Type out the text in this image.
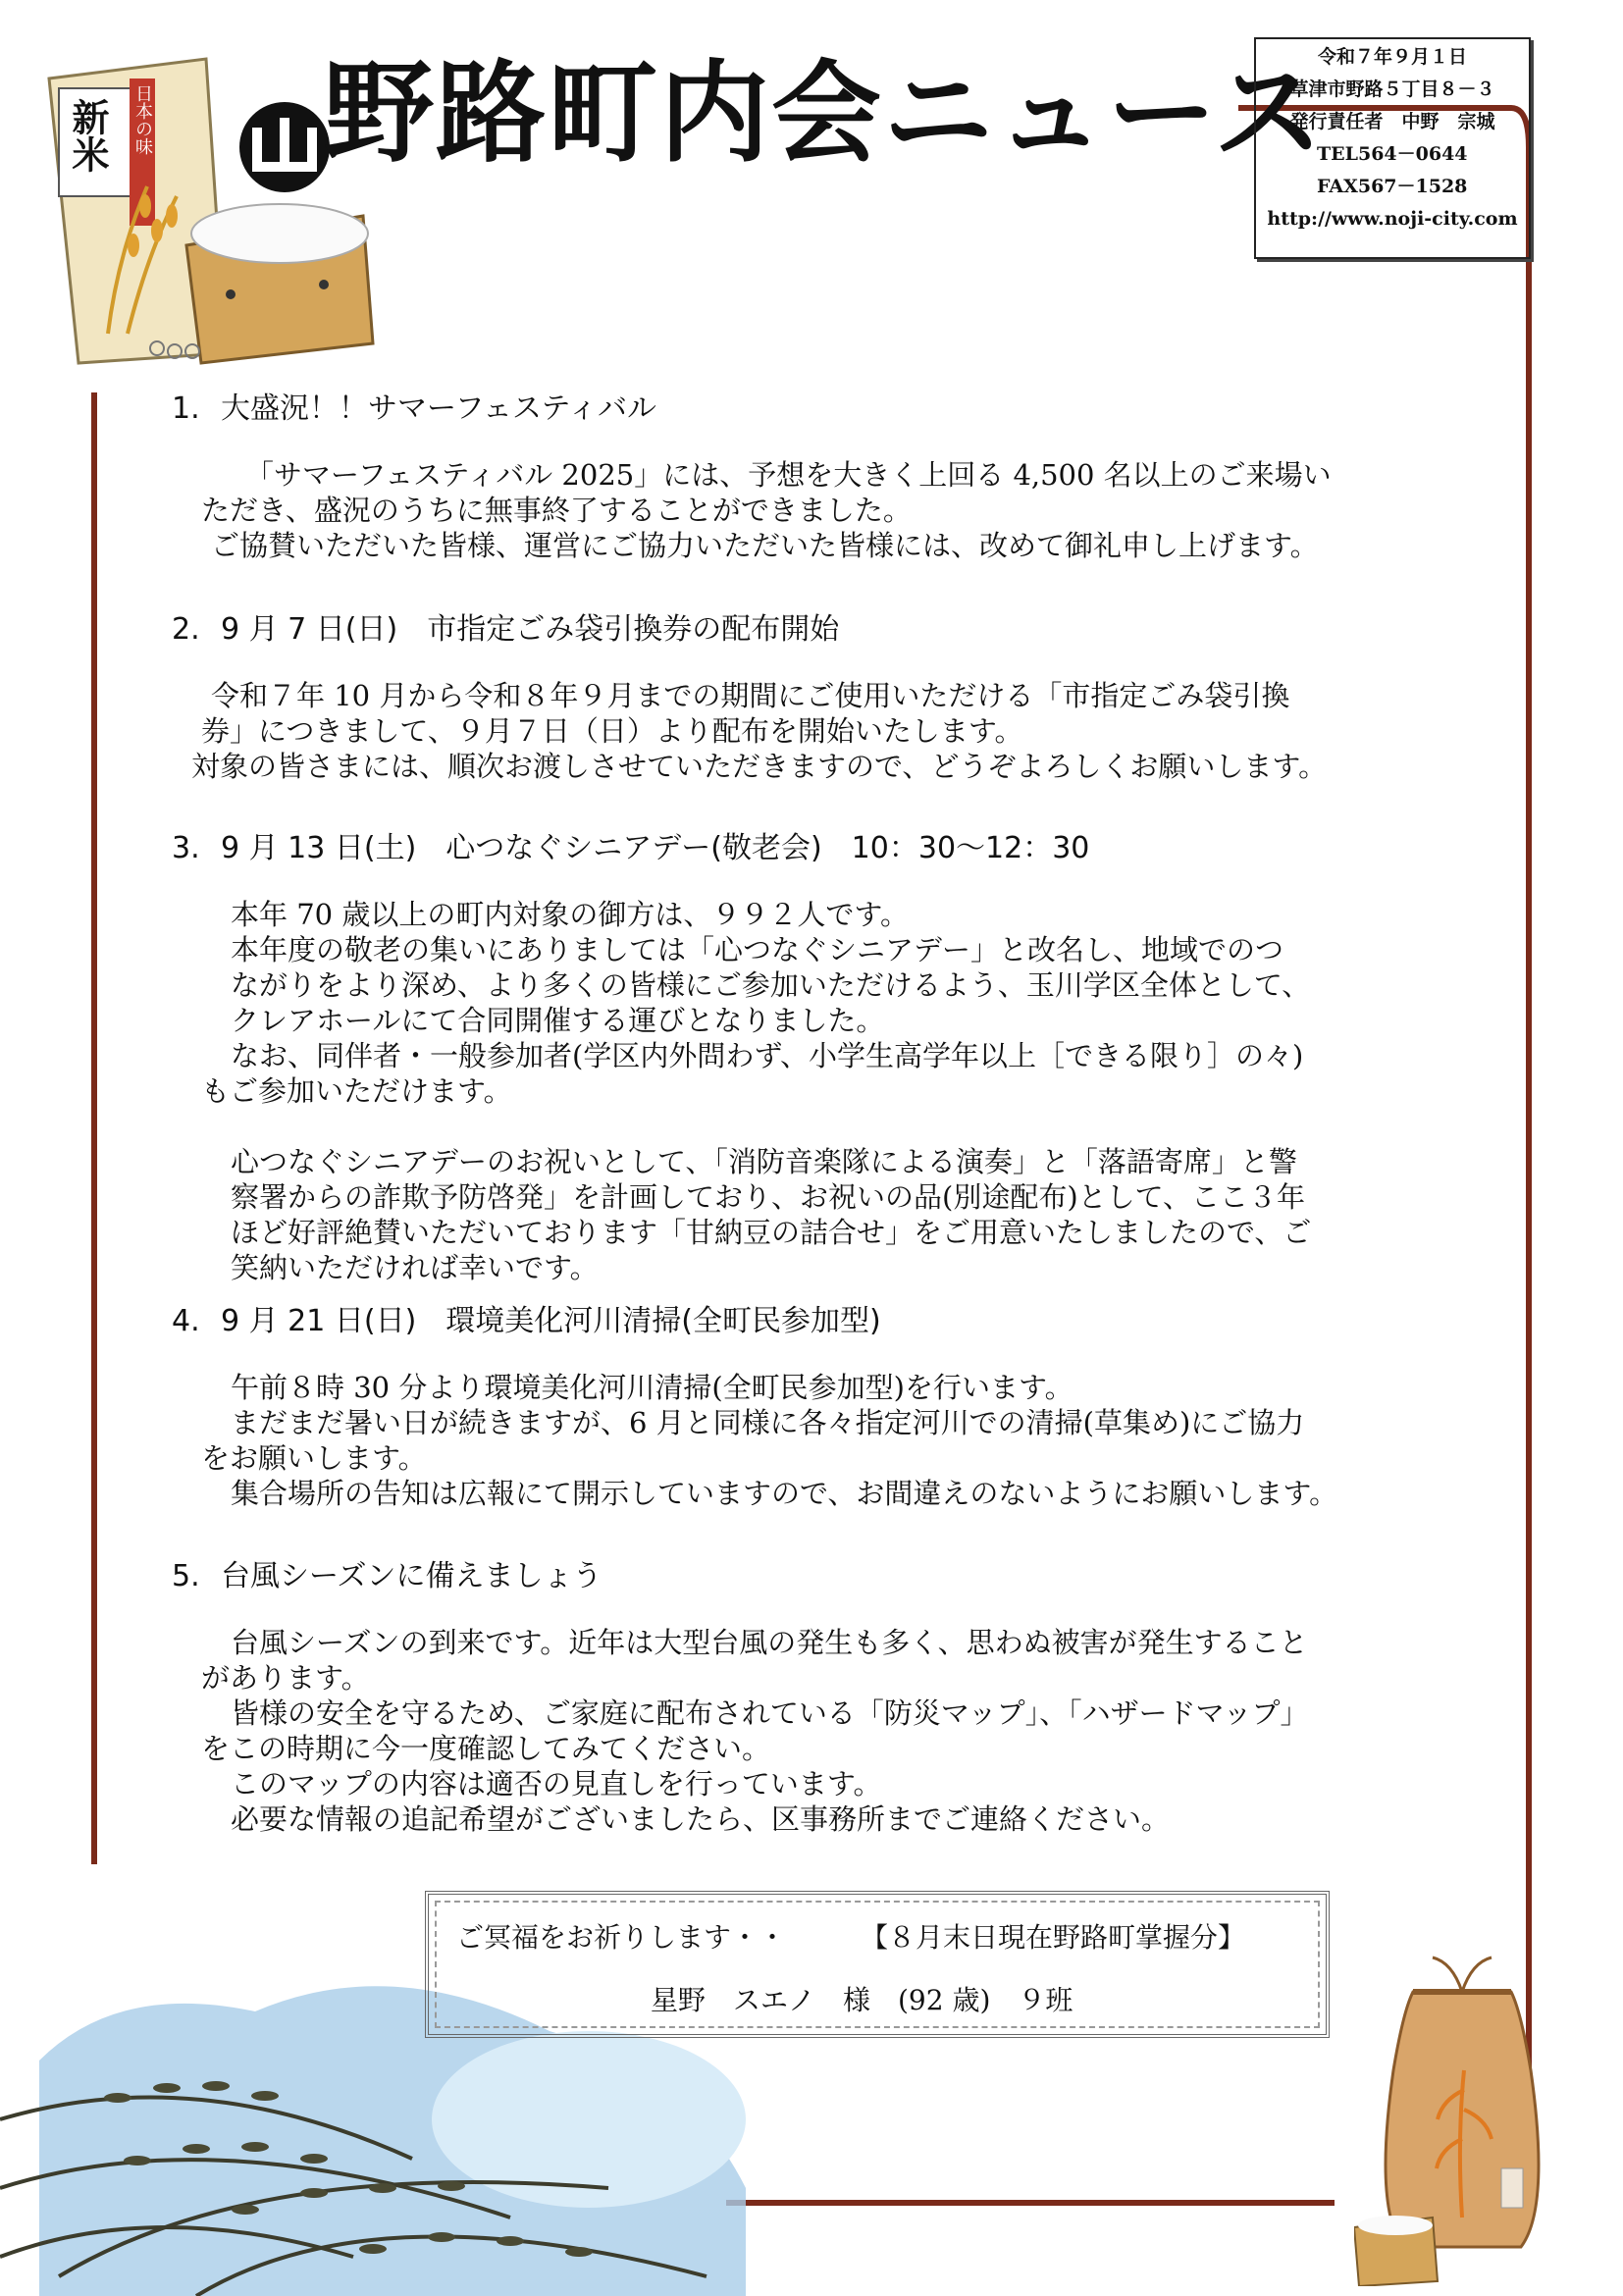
新米 日本の味 野路町内会ニュース
令和７年９月１日
草津市野路５丁目８－３
発行責任者　中野　宗城
TEL564－0644
FAX567－1528
http://www.noji-city.com
1. 大盛況！！サマーフェスティバル
「サマーフェスティバル 2025」には、予想を大きく上回る 4,500 名以上のご来場い
ただき、盛況のうちに無事終了することができました。
ご協賛いただいた皆様、運営にご協力いただいた皆様には、改めて御礼申し上げます。
2. 9 月 7 日(日)　市指定ごみ袋引換券の配布開始
令和７年 10 月から令和８年９月までの期間にご使用いただける「市指定ごみ袋引換
券」につきまして、９月７日（日）より配布を開始いたします。
対象の皆さまには、順次お渡しさせていただきますので、どうぞよろしくお願いします。
3. 9 月 13 日(土)　心つなぐシニアデー(敬老会)　10：30～12：30
本年 70 歳以上の町内対象の御方は、９９２人です。
本年度の敬老の集いにありましては「心つなぐシニアデー」と改名し、地域でのつ
ながりをより深め、より多くの皆様にご参加いただけるよう、玉川学区全体として、
クレアホールにて合同開催する運びとなりました。
なお、同伴者・一般参加者(学区内外問わず、小学生高学年以上［できる限り］の々)
もご参加いただけます。
心つなぐシニアデーのお祝いとして、「消防音楽隊による演奏」と「落語寄席」と警
察署からの詐欺予防啓発」を計画しており、お祝いの品(別途配布)として、ここ３年
ほど好評絶賛いただいております「甘納豆の詰合せ」をご用意いたしましたので、ご
笑納いただければ幸いです。
4. 9 月 21 日(日)　環境美化河川清掃(全町民参加型)
午前８時 30 分より環境美化河川清掃(全町民参加型)を行います。
まだまだ暑い日が続きますが、6 月と同様に各々指定河川での清掃(草集め)にご協力
をお願いします。
集合場所の告知は広報にて開示していますので、お間違えのないようにお願いします。
5. 台風シーズンに備えましょう
台風シーズンの到来です。近年は大型台風の発生も多く、思わぬ被害が発生すること
があります。
皆様の安全を守るため、ご家庭に配布されている「防災マップ」、「ハザードマップ」
をこの時期に今一度確認してみてください。
このマップの内容は適否の見直しを行っています。
必要な情報の追記希望がございましたら、区事務所までご連絡ください。
ご冥福をお祈りします・・	【８月末日現在野路町掌握分】
星野　スエノ　様　(92 歳)　９班
